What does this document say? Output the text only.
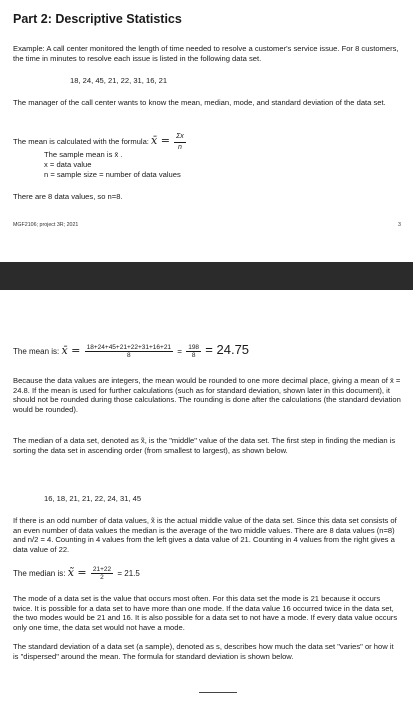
Part 2: Descriptive Statistics
Example: A call center monitored the length of time needed to resolve a customer's service issue. For 8 customers, the time in minutes to resolve each issue is listed in the following data set.
18, 24, 45, 21, 22, 31, 16, 21
The manager of the call center wants to know the mean, median, mode, and standard deviation of the data set.
The mean is calculated with the formula: x̄ = $\frac{\Sigma x}{n}$
The sample mean is x̄ .
x = data value
n = sample size = number of data values
There are 8 data values, so n=8.
MGF2106; project 3R; 2021	3
The mean is: x̄ = $\frac{18+24+45+21+22+31+16+21}{8} = \frac{198}{8} = 24.75$
Because the data values are integers, the mean would be rounded to one more decimal place, giving a mean of x̄ = 24.8. If the mean is used for further calculations (such as for standard deviation, shown later in this document), it should not be rounded during those calculations. The rounding is done after the calculations (the standard deviation would be rounded).
The median of a data set, denoted as x̃, is the "middle" value of the data set. The first step in finding the median is sorting the data set in ascending order (from smallest to largest), as shown below.
16, 18, 21, 21, 22, 24, 31, 45
If there is an odd number of data values, x̃ is the actual middle value of the data set. Since this data set consists of an even number of data values the median is the average of the two middle values. There are 8 data values (n=8) and n/2 = 4. Counting in 4 values from the left gives a data value of 21. Counting in 4 values from the right gives a data value of 22.
The median is: x̃ = $\frac{21+22}{2} = 21.5$
The mode of a data set is the value that occurs most often. For this data set the mode is 21 because it occurs twice. It is possible for a data set to have more than one mode. If the data value 16 occurred twice in the data set, the two modes would be 21 and 16. It is also possible for a data set to not have a mode. If every data value occurs only one time, the data set would not have a mode.
The standard deviation of a data set (a sample), denoted as s, describes how much the data set "varies" or how it is "dispersed" around the mean. The formula for standard deviation is shown below.
